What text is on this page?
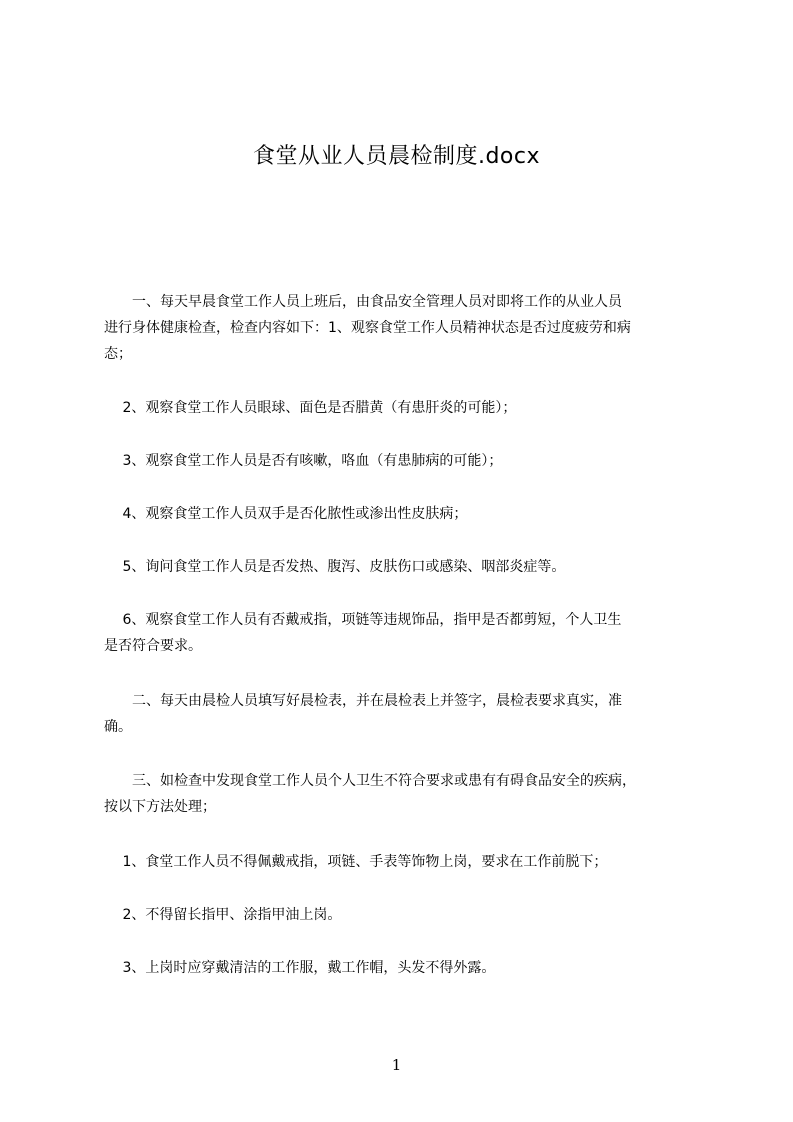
食堂从业人员晨检制度.docx
　　一、每天早晨食堂工作人员上班后，由食品安全管理人员对即将工作的从业人员
进行身体健康检查，检查内容如下：1、观察食堂工作人员精神状态是否过度疲劳和病
态；
　 2、观察食堂工作人员眼球、面色是否腊黄（有患肝炎的可能）；
　 3、观察食堂工作人员是否有咳嗽，咯血（有患肺病的可能）；
　 4、观察食堂工作人员双手是否化脓性或渗出性皮肤病；
　 5、询问食堂工作人员是否发热、腹泻、皮肤伤口或感染、咽部炎症等。
　 6、观察食堂工作人员有否戴戒指，项链等违规饰品，指甲是否都剪短，个人卫生
是否符合要求。
　　二、每天由晨检人员填写好晨检表，并在晨检表上并签字，晨检表要求真实，准
确。
　　三、如检查中发现食堂工作人员个人卫生不符合要求或患有有碍食品安全的疾病，
按以下方法处理；
　 1、食堂工作人员不得佩戴戒指，项链、手表等饰物上岗，要求在工作前脱下；
　 2、不得留长指甲、涂指甲油上岗。
　 3、上岗时应穿戴清洁的工作服，戴工作帽，头发不得外露。
1
